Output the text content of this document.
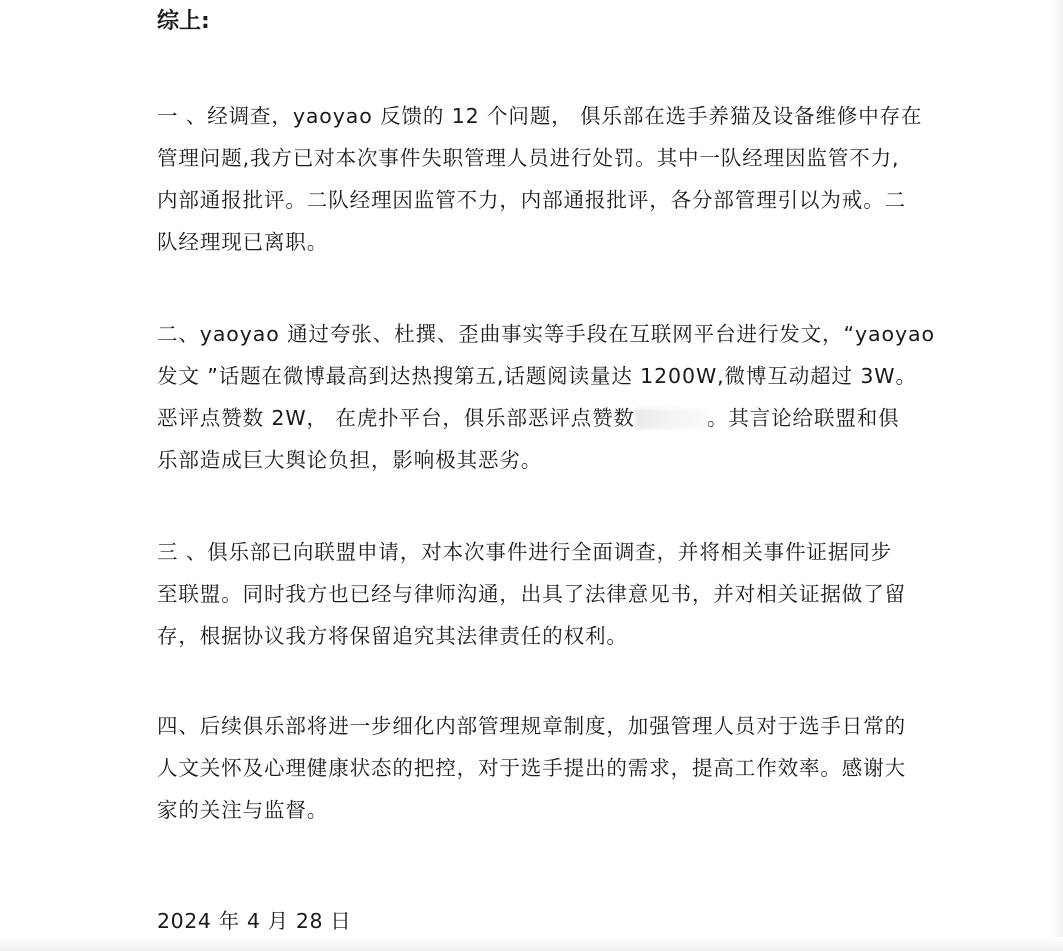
综上:
一 、经调查，yaoyao 反馈的 12 个问题， 俱乐部在选手养猫及设备维修中存在
管理问题,我方已对本次事件失职管理人员进行处罚。其中一队经理因监管不力,
内部通报批评。二队经理因监管不力，内部通报批评，各分部管理引以为戒。二
队经理现已离职。
二、yaoyao 通过夸张、杜撰、歪曲事实等手段在互联网平台进行发文，“yaoyao
发文 ”话题在微博最高到达热搜第五,话题阅读量达 1200W,微博互动超过 3W。
恶评点赞数 2W， 在虎扑平台，俱乐部恶评点赞数	。其言论给联盟和俱
乐部造成巨大舆论负担，影响极其恶劣。
三 、俱乐部已向联盟申请，对本次事件进行全面调查，并将相关事件证据同步
至联盟。同时我方也已经与律师沟通，出具了法律意见书，并对相关证据做了留
存，根据协议我方将保留追究其法律责任的权利。
四、后续俱乐部将进一步细化内部管理规章制度，加强管理人员对于选手日常的
人文关怀及心理健康状态的把控，对于选手提出的需求，提高工作效率。感谢大
家的关注与监督。
2024 年 4 月 28 日
